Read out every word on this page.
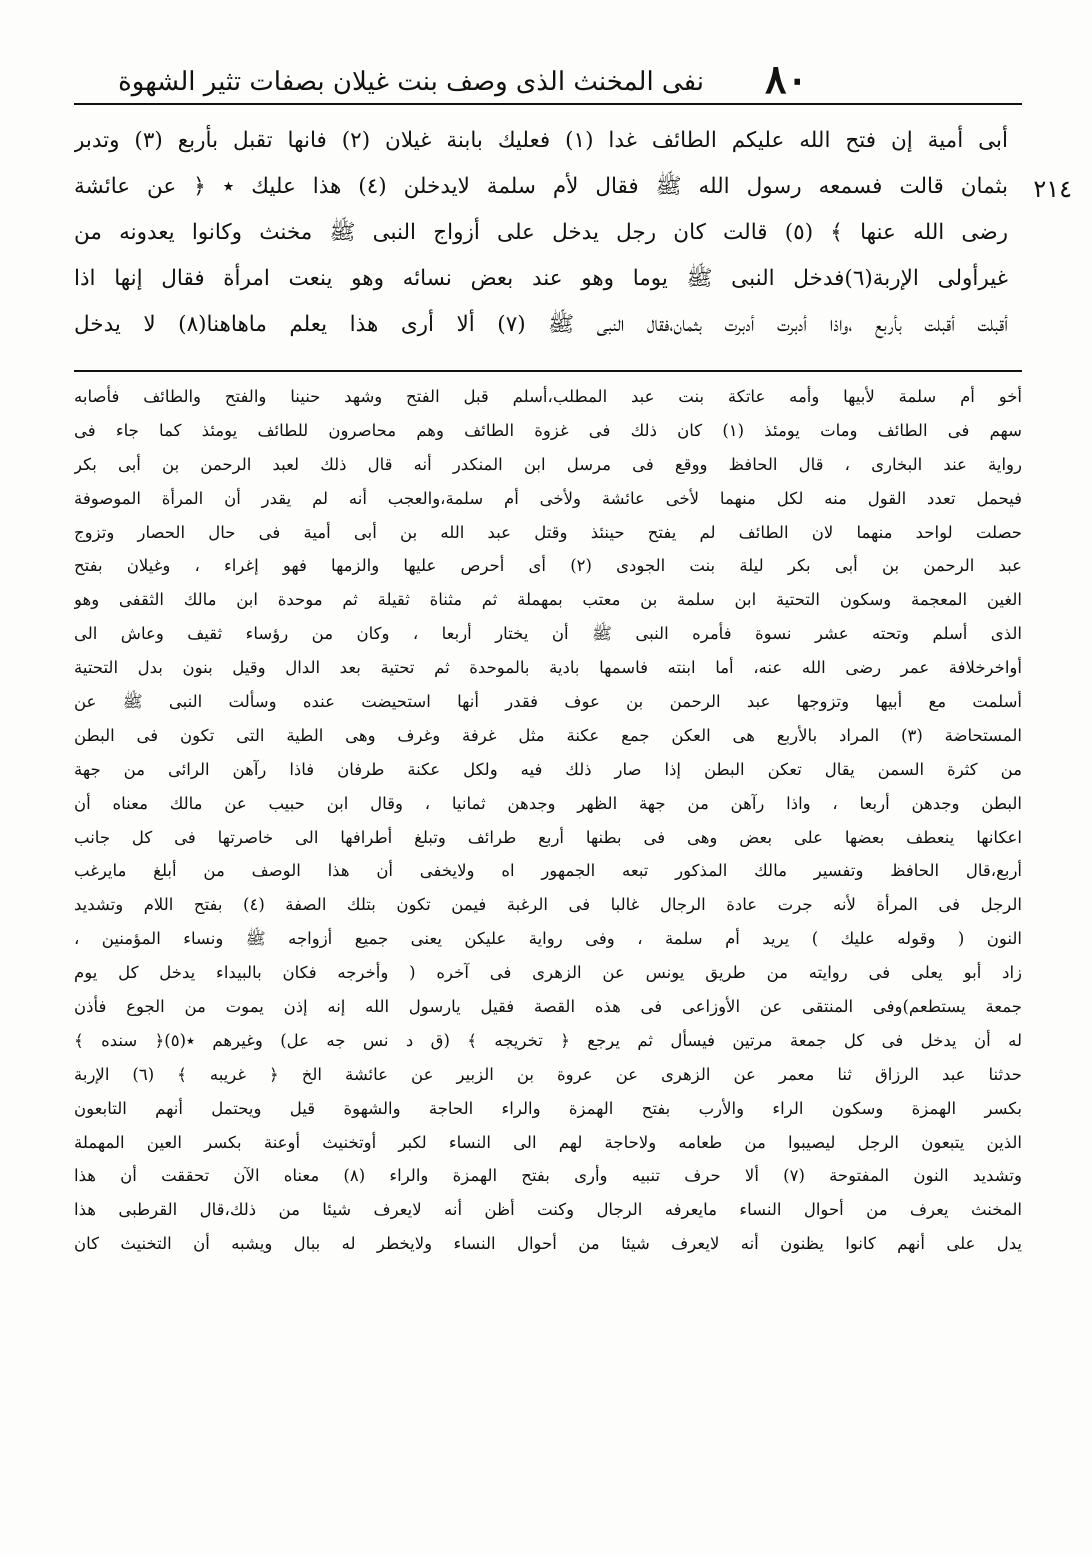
٨٠
نفى المخنث الذى وصف بنت غيلان بصفات تثير الشهوة
٢١٤
أبى أمية إن فتح الله عليكم الطائف غدا (١) فعليك بابنة غيلان (٢) فانها تقبل بأربع (٣) وتدبر
بثمان قالت فسمعه رسول الله ﷺ فقال لأم سلمة لايدخلن (٤) هذا عليك ٭ ﴿ عن عائشة
رضى الله عنها ﴾ (٥) قالت كان رجل يدخل على أزواج النبى ﷺ مخنث وكانوا يعدونه من
غيرأولى الإربة(٦)فدخل النبى ﷺ يوما وهو عند بعض نسائه وهو ينعت امرأة فقال إنها اذا
أقبلت أقبلت بأربع ،واذا أدبرت أدبرت بثمان،فقال النبى ﷺ (٧) ألا أرى هذا يعلم ماهاهنا(٨) لا يدخل
أخو أم سلمة لأبيها وأمه عاتكة بنت عبد المطلب،أسلم قبل الفتح وشهد حنينا والفتح والطائف فأصابه
سهم فى الطائف ومات يومئذ (١) كان ذلك فى غزوة الطائف وهم محاصرون للطائف يومئذ كما جاء فى
رواية عند البخارى ، قال الحافظ ووقع فى مرسل ابن المنكدر أنه قال ذلك لعبد الرحمن بن أبى بكر
فيحمل تعدد القول منه لكل منهما لأخى عائشة ولأخى أم سلمة،والعجب أنه لم يقدر أن المرأة الموصوفة
حصلت لواحد منهما لان الطائف لم يفتح حينئذ وقتل عبد الله بن أبى أمية فى حال الحصار وتزوج
عبد الرحمن بن أبى بكر ليلة بنت الجودى (٢) أى أحرص عليها والزمها فهو إغراء ، وغيلان بفتح
الغين المعجمة وسكون التحتية ابن سلمة بن معتب بمهملة ثم مثناة ثقيلة ثم موحدة ابن مالك الثقفى وهو
الذى أسلم وتحته عشر نسوة فأمره النبى ﷺ أن يختار أربعا ، وكان من رؤساء ثقيف وعاش الى
أواخرخلافة عمر رضى الله عنه، أما ابنته فاسمها بادية بالموحدة ثم تحتية بعد الدال وقيل بنون بدل التحتية
أسلمت مع أبيها وتزوجها عبد الرحمن بن عوف فقدر أنها استحيضت عنده وسألت النبى ﷺ عن
المستحاضة (٣) المراد بالأربع هى العكن جمع عكنة مثل غرفة وغرف وهى الطية التى تكون فى البطن
من كثرة السمن يقال تعكن البطن إذا صار ذلك فيه ولكل عكنة طرفان فاذا رآهن الرائى من جهة
البطن وجدهن أربعا ، واذا رآهن من جهة الظهر وجدهن ثمانيا ، وقال ابن حبيب عن مالك معناه أن
اعكانها ينعطف بعضها على بعض وهى فى بطنها أربع طرائف وتبلغ أطرافها الى خاصرتها فى كل جانب
أربع،قال الحافظ وتفسير مالك المذكور تبعه الجمهور اه ولايخفى أن هذا الوصف من أبلغ مايرغب
الرجل فى المرأة لأنه جرت عادة الرجال غالبا فى الرغبة فيمن تكون بتلك الصفة (٤) بفتح اللام وتشديد
النون ( وقوله عليك ) يريد أم سلمة ، وفى رواية عليكن يعنى جميع أزواجه ﷺ ونساء المؤمنين ،
زاد أبو يعلى فى روايته من طريق يونس عن الزهرى فى آخره ( وأخرجه فكان بالبيداء يدخل كل يوم
جمعة يستطعم)وفى المنتقى عن الأوزاعى فى هذه القصة فقيل يارسول الله إنه إذن يموت من الجوع فأذن
له أن يدخل فى كل جمعة مرتين فيسأل ثم يرجع ﴿ تخريجه ﴾ (ق د نس جه عل) وغيرهم ٭(٥)﴿ سنده ﴾
حدثنا عبد الرزاق ثنا معمر عن الزهرى عن عروة بن الزبير عن عائشة الخ ﴿ غريبه ﴾ (٦) الإربة
بكسر الهمزة وسكون الراء والأرب بفتح الهمزة والراء الحاجة والشهوة قيل ويحتمل أنهم التابعون
الذين يتبعون الرجل ليصيبوا من طعامه ولاحاجة لهم الى النساء لكبر أوتخنيث أوعنة بكسر العين المهملة
وتشديد النون المفتوحة (٧) ألا حرف تنبيه وأرى بفتح الهمزة والراء (٨) معناه الآن تحققت أن هذا
المخنث يعرف من أحوال النساء مايعرفه الرجال وكنت أظن أنه لايعرف شيئا من ذلك،قال القرطبى هذا
يدل على أنهم كانوا يظنون أنه لايعرف شيئا من أحوال النساء ولايخطر له ببال ويشبه أن التخنيث كان
